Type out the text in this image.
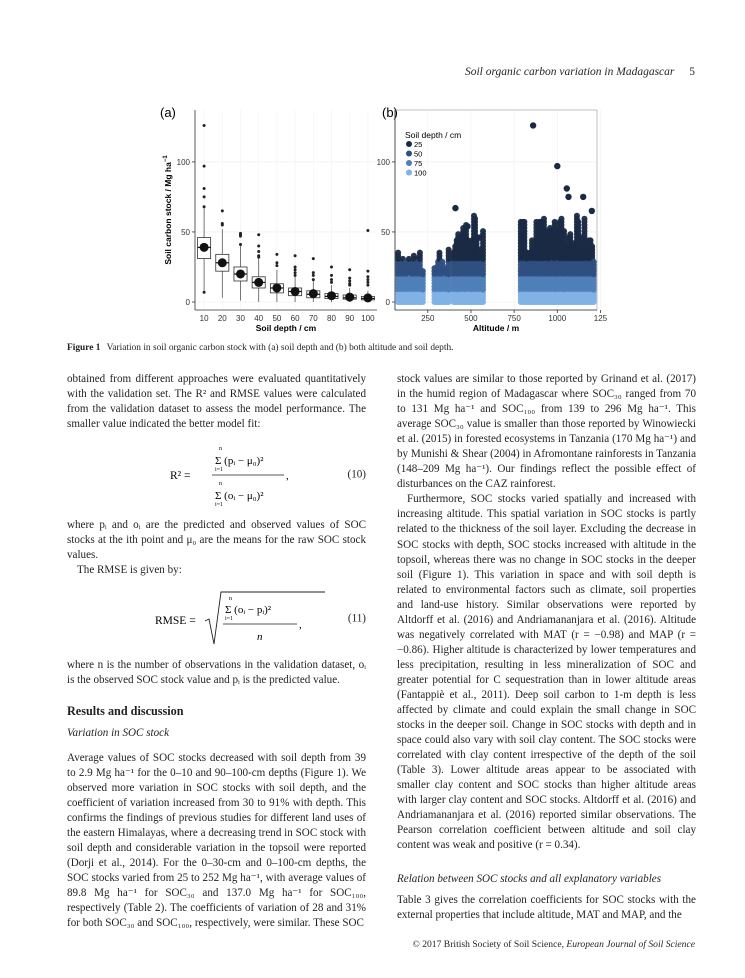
Soil organic carbon variation in Madagascar 5
(a)	(b)
0
50
100
10 20 30 40 50 60 70 80 90 100
Soil depth / cm
Soil carbon stock / Mg $ha^{-1}$
0
50
100
250	500	750	1000	125
Altitude / m
Soil depth / cm
25
50
75
100
Figure 1 Variation in soil organic carbon stock with (a) soil depth and (b) both altitude and soil depth.

obtained from different approaches were evaluated quantitatively with the validation set. The R² and RMSE values were calculated from the validation dataset to assess the model performance. The smaller value indicated the better model fit:

R² =
n
Σ (pᵢ − μ₀)²
i=1	,
n
Σ (oᵢ − μ₀)²
i=1
(10)

where pᵢ and oᵢ are the predicted and observed values of SOC stocks at the ith point and μ₀ are the means for the raw SOC stock values.

The RMSE is given by:

RMSE =
n
Σ (oᵢ − pᵢ)²
i=1	,
n
(11)

where n is the number of observations in the validation dataset, oᵢ is the observed SOC stock value and pᵢ is the predicted value.

Results and discussion
Variation in SOC stock

Average values of SOC stocks decreased with soil depth from 39 to 2.9 Mg ha⁻¹ for the 0–10 and 90–100-cm depths (Figure 1). We observed more variation in SOC stocks with soil depth, and the coefficient of variation increased from 30 to 91% with depth. This confirms the findings of previous studies for different land uses of the eastern Himalayas, where a decreasing trend in SOC stock with soil depth and considerable variation in the topsoil were reported (Dorji et al., 2014). For the 0–30-cm and 0–100-cm depths, the SOC stocks varied from 25 to 252 Mg ha⁻¹, with average values of 89.8 Mg ha⁻¹ for SOC₃₀ and 137.0 Mg ha⁻¹ for SOC₁₀₀, respectively (Table 2). The coefficients of variation of 28 and 31% for both SOC₃₀ and SOC₁₀₀, respectively, were similar. These SOC

stock values are similar to those reported by Grinand et al. (2017) in the humid region of Madagascar where SOC₃₀ ranged from 70 to 131 Mg ha⁻¹ and SOC₁₀₀ from 139 to 296 Mg ha⁻¹. This average SOC₃₀ value is smaller than those reported by Winowiecki et al. (2015) in forested ecosystems in Tanzania (170 Mg ha⁻¹) and by Munishi & Shear (2004) in Afromontane rainforests in Tanzania (148–209 Mg ha⁻¹). Our findings reflect the possible effect of disturbances on the CAZ rainforest.

Furthermore, SOC stocks varied spatially and increased with increasing altitude. This spatial variation in SOC stocks is partly related to the thickness of the soil layer. Excluding the decrease in SOC stocks with depth, SOC stocks increased with altitude in the topsoil, whereas there was no change in SOC stocks in the deeper soil (Figure 1). This variation in space and with soil depth is related to environmental factors such as climate, soil properties and land-use history. Similar observations were reported by Altdorff et al. (2016) and Andriamananjara et al. (2016). Altitude was negatively correlated with MAT (r = −0.98) and MAP (r = −0.86). Higher altitude is characterized by lower temperatures and less precipitation, resulting in less mineralization of SOC and greater potential for C sequestration than in lower altitude areas (Fantappiè et al., 2011). Deep soil carbon to 1-m depth is less affected by climate and could explain the small change in SOC stocks in the deeper soil. Change in SOC stocks with depth and in space could also vary with soil clay content. The SOC stocks were correlated with clay content irrespective of the depth of the soil (Table 3). Lower altitude areas appear to be associated with smaller clay content and SOC stocks than higher altitude areas with larger clay content and SOC stocks. Altdorff et al. (2016) and Andriamananjara et al. (2016) reported similar observations. The Pearson correlation coefficient between altitude and soil clay content was weak and positive (r = 0.34).

Relation between SOC stocks and all explanatory variables

Table 3 gives the correlation coefficients for SOC stocks with the external properties that include altitude, MAT and MAP, and the

© 2017 British Society of Soil Science, European Journal of Soil Science
